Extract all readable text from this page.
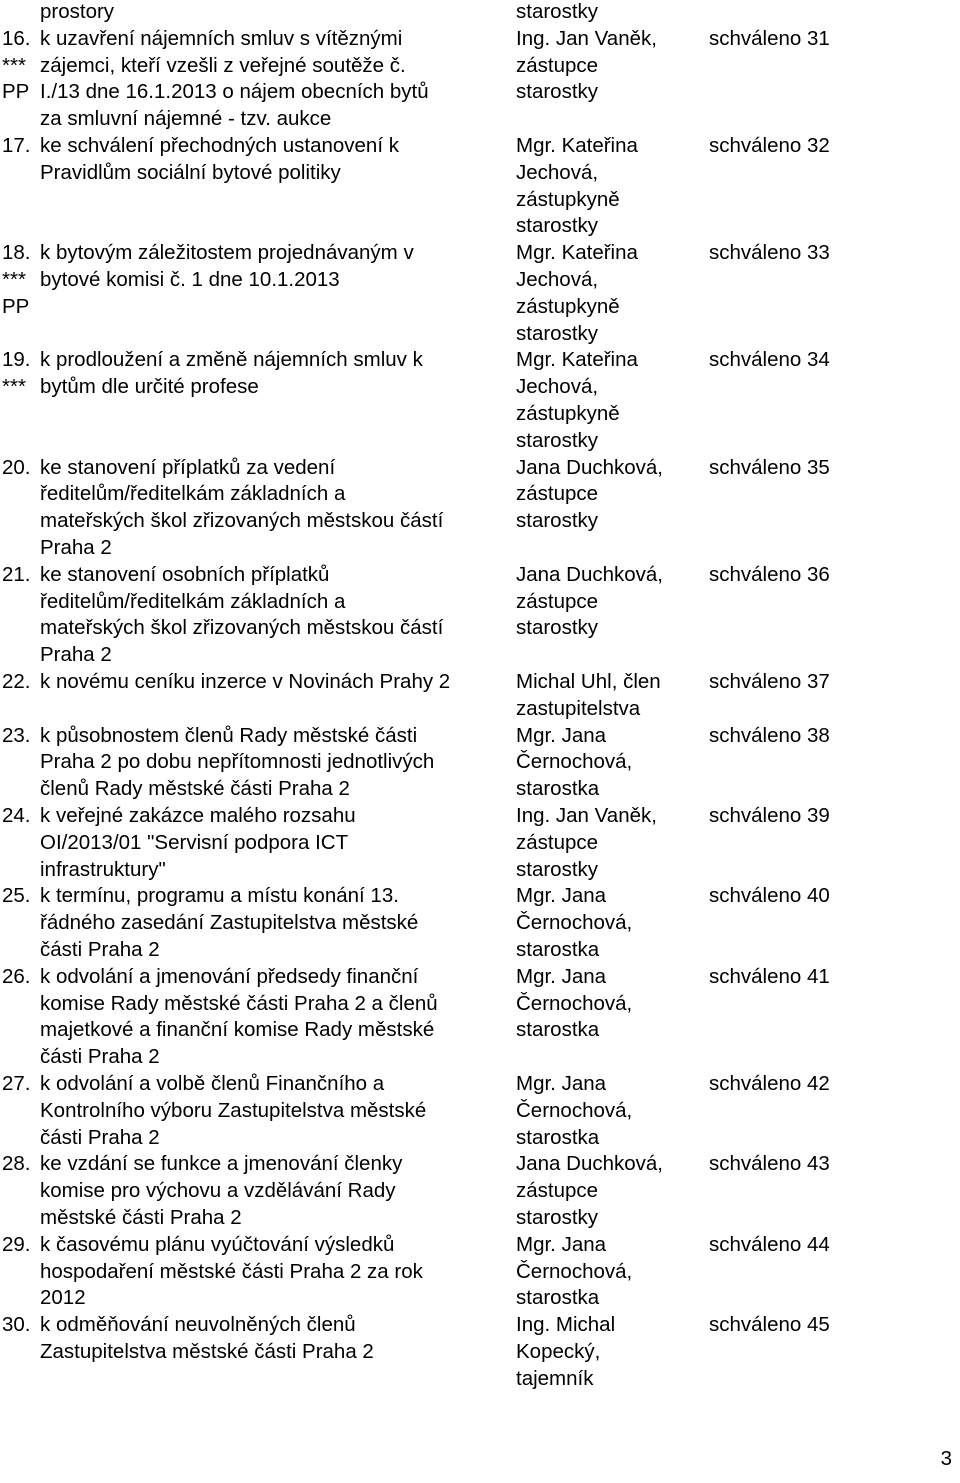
prostory	starostky
16.
***
PP
k uzavření nájemních smluv s vítěznými
zájemci, kteří vzešli z veřejné soutěže č.
I./13 dne 16.1.2013 o nájem obecních bytů
za smluvní nájemné - tzv. aukce
Ing. Jan Vaněk,
zástupce
starostky
schváleno 31
17. ke schválení přechodných ustanovení k
Pravidlům sociální bytové politiky
Mgr. Kateřina
Jechová,
zástupkyně
starostky
schváleno 32
18.
***
PP
k bytovým záležitostem projednávaným v
bytové komisi č. 1 dne 10.1.2013
Mgr. Kateřina
Jechová,
zástupkyně
starostky
schváleno 33
19.
***
k prodloužení a změně nájemních smluv k
bytům dle určité profese
Mgr. Kateřina
Jechová,
zástupkyně
starostky
schváleno 34
20. ke stanovení příplatků za vedení
ředitelům/ředitelkám základních a
mateřských škol zřizovaných městskou částí
Praha 2
Jana Duchková,
zástupce
starostky
schváleno 35
21. ke stanovení osobních příplatků
ředitelům/ředitelkám základních a
mateřských škol zřizovaných městskou částí
Praha 2
Jana Duchková,
zástupce
starostky
schváleno 36
22. k novému ceníku inzerce v Novinách Prahy 2	Michal Uhl, člen
zastupitelstva
schváleno 37
23. k působnostem členů Rady městské části
Praha 2 po dobu nepřítomnosti jednotlivých
členů Rady městské části Praha 2
Mgr. Jana
Černochová,
starostka
schváleno 38
24. k veřejné zakázce malého rozsahu
OI/2013/01 "Servisní podpora ICT
infrastruktury"
Ing. Jan Vaněk,
zástupce
starostky
schváleno 39
25. k termínu, programu a místu konání 13.
řádného zasedání Zastupitelstva městské
části Praha 2
Mgr. Jana
Černochová,
starostka
schváleno 40
26. k odvolání a jmenování předsedy finanční
komise Rady městské části Praha 2 a členů
majetkové a finanční komise Rady městské
části Praha 2
Mgr. Jana
Černochová,
starostka
schváleno 41
27. k odvolání a volbě členů Finančního a
Kontrolního výboru Zastupitelstva městské
části Praha 2
Mgr. Jana
Černochová,
starostka
schváleno 42
28. ke vzdání se funkce a jmenování členky
komise pro výchovu a vzdělávání Rady
městské části Praha 2
Jana Duchková,
zástupce
starostky
schváleno 43
29. k časovému plánu vyúčtování výsledků
hospodaření městské části Praha 2 za rok
2012
Mgr. Jana
Černochová,
starostka
schváleno 44
30. k odměňování neuvolněných členů
Zastupitelstva městské části Praha 2
Ing. Michal
Kopecký,
tajemník
schváleno 45
3
